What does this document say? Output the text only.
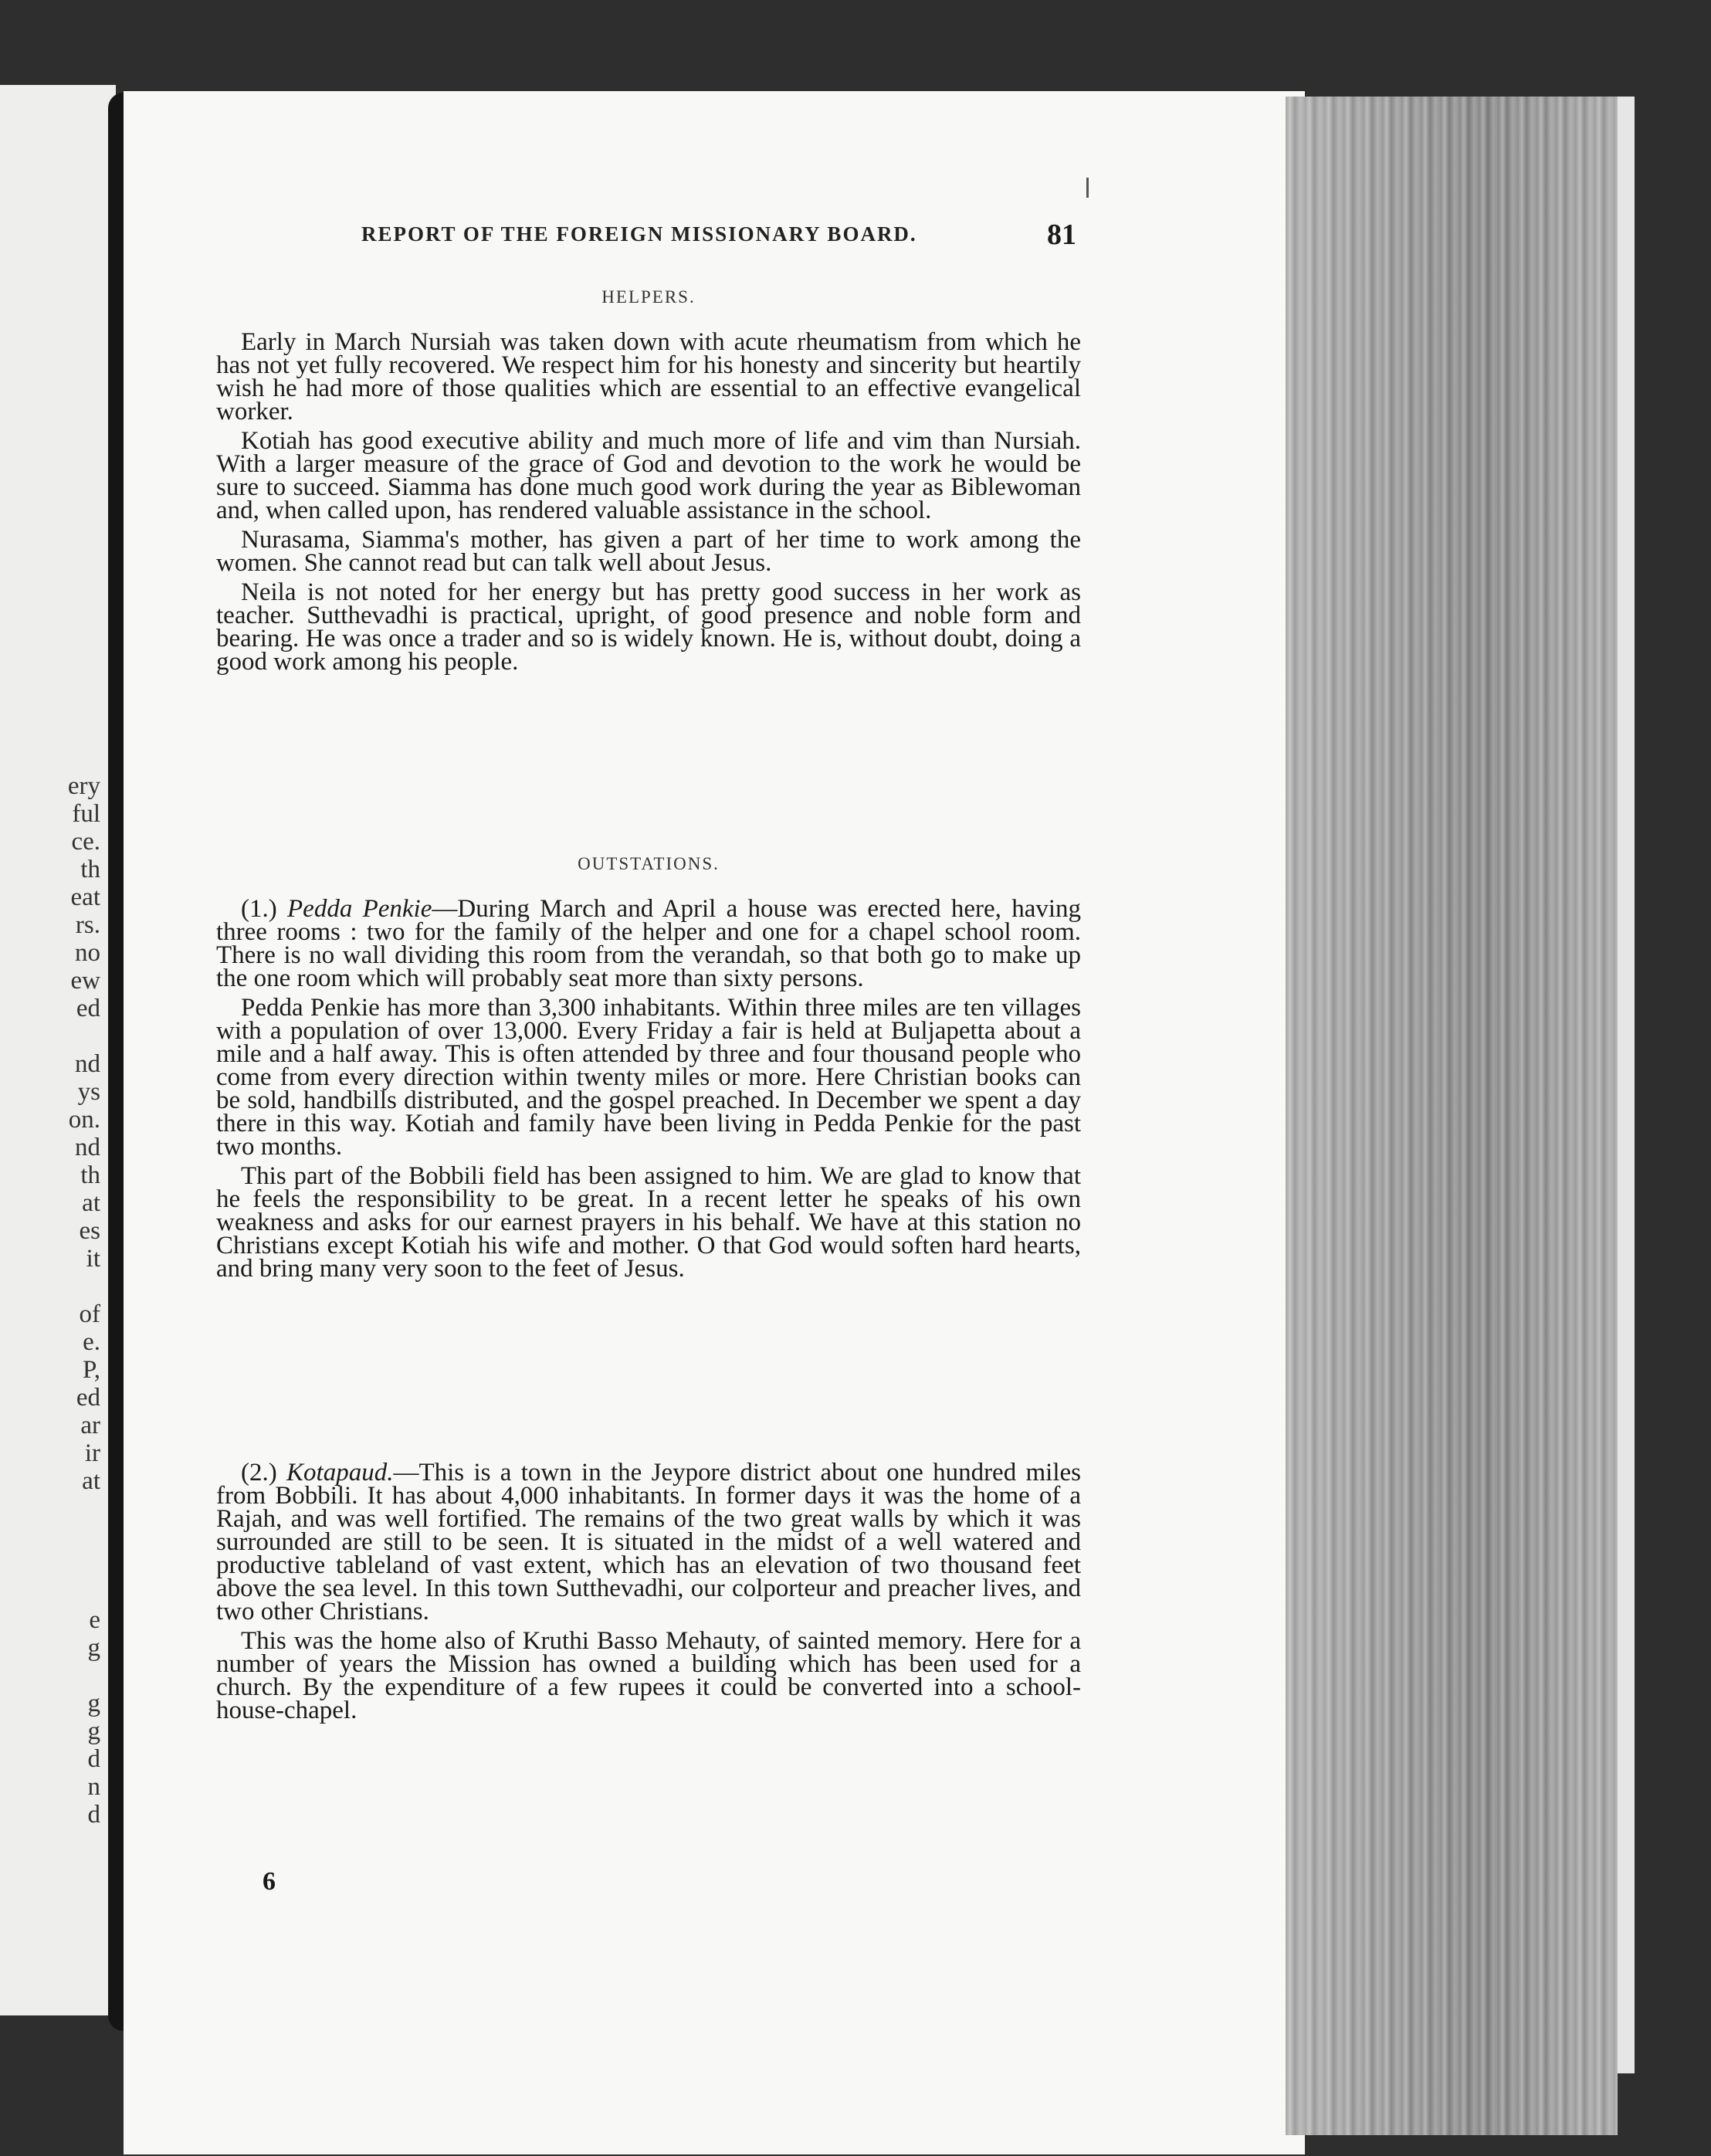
ery
ful
ce.
th
eat
rs.
no
ew
ed
nd
ys
on.
nd
th
at
es
it
of
e.
P,
ed
ar
ir
at
e
g
g
g
d
n
d
REPORT OF THE FOREIGN MISSIONARY BOARD.	81
HELPERS.

Early in March Nursiah was taken down with acute rheumatism from which he has not yet fully recovered. We respect him for his honesty and sincerity but heartily wish he had more of those qualities which are essential to an effective evangelical worker.

Kotiah has good executive ability and much more of life and vim than Nursiah. With a larger measure of the grace of God and devotion to the work he would be sure to succeed. Siamma has done much good work during the year as Biblewoman and, when called upon, has rendered valuable assistance in the school.

Nurasama, Siamma's mother, has given a part of her time to work among the women. She cannot read but can talk well about Jesus.

Neila is not noted for her energy but has pretty good success in her work as teacher. Sutthevadhi is practical, upright, of good presence and noble form and bearing. He was once a trader and so is widely known. He is, without doubt, doing a good work among his people.

OUTSTATIONS.

(1.) Pedda Penkie—During March and April a house was erected here, having three rooms : two for the family of the helper and one for a chapel school room. There is no wall dividing this room from the verandah, so that both go to make up the one room which will probably seat more than sixty persons.

Pedda Penkie has more than 3,300 inhabitants. Within three miles are ten villages with a population of over 13,000. Every Friday a fair is held at Buljapetta about a mile and a half away. This is often attended by three and four thousand people who come from every direction within twenty miles or more. Here Christian books can be sold, handbills distributed, and the gospel preached. In December we spent a day there in this way. Kotiah and family have been living in Pedda Penkie for the past two months.

This part of the Bobbili field has been assigned to him. We are glad to know that he feels the responsibility to be great. In a recent letter he speaks of his own weakness and asks for our earnest prayers in his behalf. We have at this station no Christians except Kotiah his wife and mother. O that God would soften hard hearts, and bring many very soon to the feet of Jesus.

(2.) Kotapaud.—This is a town in the Jeypore district about one hundred miles from Bobbili. It has about 4,000 inhabitants. In former days it was the home of a Rajah, and was well fortified. The remains of the two great walls by which it was surrounded are still to be seen. It is situated in the midst of a well watered and productive tableland of vast extent, which has an elevation of two thousand feet above the sea level. In this town Sutthevadhi, our colporteur and preacher lives, and two other Christians.

This was the home also of Kruthi Basso Mehauty, of sainted memory. Here for a number of years the Mission has owned a building which has been used for a church. By the expenditure of a few rupees it could be converted into a school-house-chapel.

6
